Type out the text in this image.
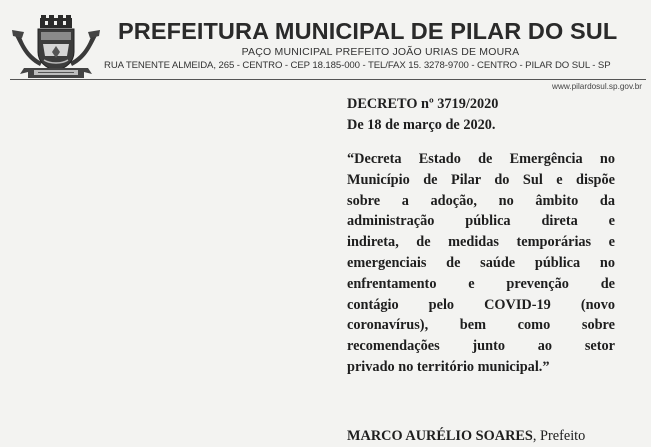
PREFEITURA MUNICIPAL DE PILAR DO SUL
PAÇO MUNICIPAL PREFEITO JOÃO URIAS DE MOURA
RUA TENENTE ALMEIDA, 265 - CENTRO - CEP 18.185-000 - TEL/FAX 15. 3278-9700 - CENTRO - PILAR DO SUL - SP
www.pilardosul.sp.gov.br
DECRETO nº 3719/2020
De 18 de março de 2020.
“Decreta Estado de Emergência no
Município de Pilar do Sul e dispõe
sobre a adoção, no âmbito da
administração pública direta e
indireta, de medidas temporárias e
emergenciais de saúde pública no
enfrentamento e prevenção de
contágio pelo COVID-19 (novo
coronavírus), bem como sobre
recomendações junto ao setor
privado no território municipal.”
MARCO AURÉLIO SOARES, Prefeito
